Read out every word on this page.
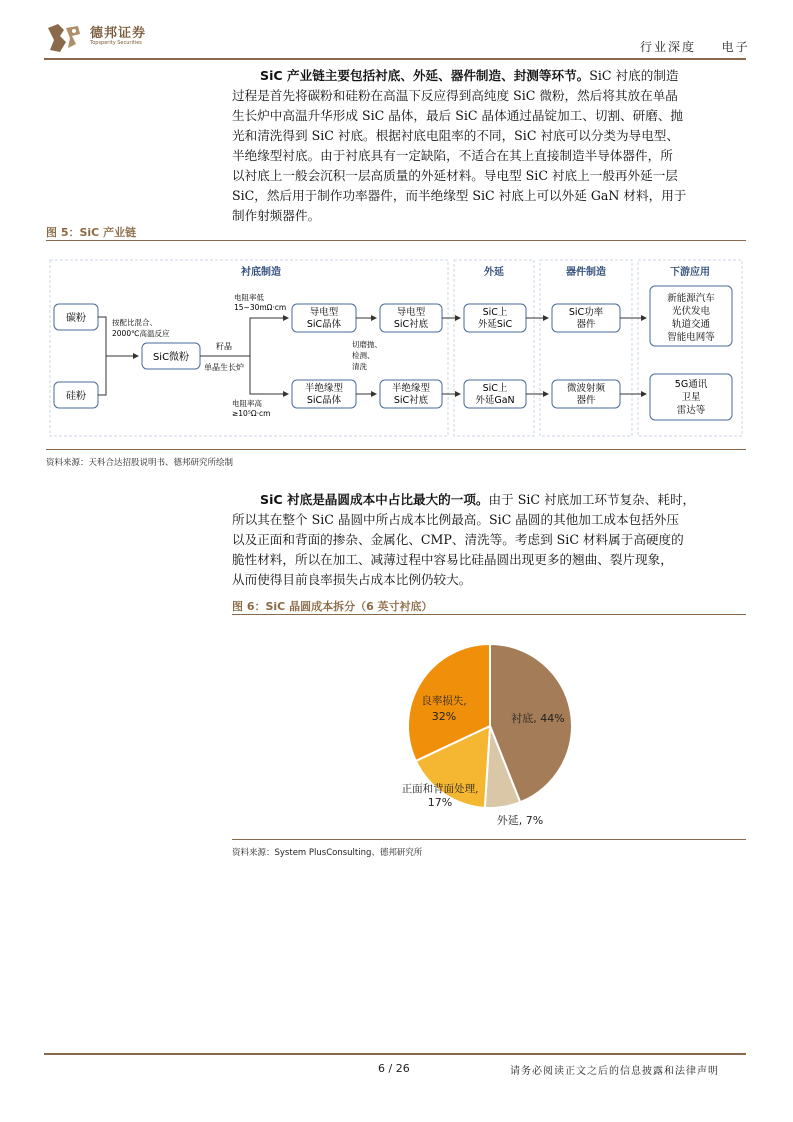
德邦证券
Topsperity Securities	行业深度 电子
SiC 产业链主要包括衬底、外延、器件制造、封测等环节。SiC 衬底的制造
过程是首先将碳粉和硅粉在高温下反应得到高纯度 SiC 微粉，然后将其放在单晶
生长炉中高温升华形成 SiC 晶体，最后 SiC 晶体通过晶锭加工、切割、研磨、抛
光和清洗得到 SiC 衬底。根据衬底电阻率的不同，SiC 衬底可以分类为导电型、
半绝缘型衬底。由于衬底具有一定缺陷，不适合在其上直接制造半导体器件，所
以衬底上一般会沉积一层高质量的外延材料。导电型 SiC 衬底上一般再外延一层
SiC，然后用于制作功率器件，而半绝缘型 SiC 衬底上可以外延 GaN 材料，用于
制作射频器件。
图 5：SiC 产业链
衬底制造	外延	器件制造	下游应用
碳粉
硅粉
按配比混合、
2000℃高温反应
SiC微粉
籽晶
单晶生长炉
电阻率低
15~30mΩ·cm
电阻率高
≥10⁵Ω·cm
导电型
SiC晶体
半绝缘型
SiC晶体
切磨抛、
检测、
清洗
导电型
SiC衬底
半绝缘型
SiC衬底
SiC上
外延SiC
SiC上
外延GaN
SiC功率
器件
微波射频
器件
新能源汽车
光伏发电
轨道交通
智能电网等
5G通讯
卫星
雷达等
资料来源：天科合达招股说明书、德邦研究所绘制
SiC 衬底是晶圆成本中占比最大的一项。由于 SiC 衬底加工环节复杂、耗时，
所以其在整个 SiC 晶圆中所占成本比例最高。SiC 晶圆的其他加工成本包括外压
以及正面和背面的掺杂、金属化、CMP、清洗等。考虑到 SiC 材料属于高硬度的
脆性材料，所以在加工、减薄过程中容易比硅晶圆出现更多的翘曲、裂片现象，
从而使得目前良率损失占成本比例仍较大。
图 6：SiC 晶圆成本拆分（6 英寸衬底）
衬底, 44%
外延, 7%
17%
正面和背面处理,
32%
良率损失,
资料来源：System PlusConsulting、德邦研究所
6 / 26	请务必阅读正文之后的信息披露和法律声明
